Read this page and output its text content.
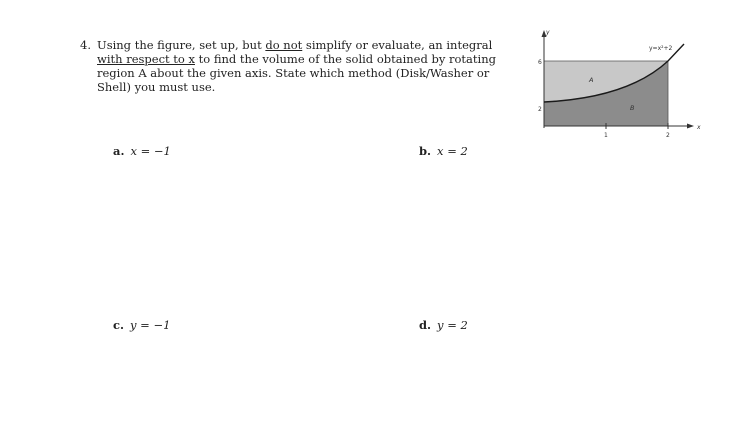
4. Using the figure, set up, but do not simplify or evaluate, an integral
with respect to x to find the volume of the solid obtained by rotating
region A about the given axis. State which method (Disk/Washer or
Shell) you must use.
a. x = −1	b. x = 2
c. y = −1	d. y = 2
y
x
6
2
1	2
A
B
y=x²+2
